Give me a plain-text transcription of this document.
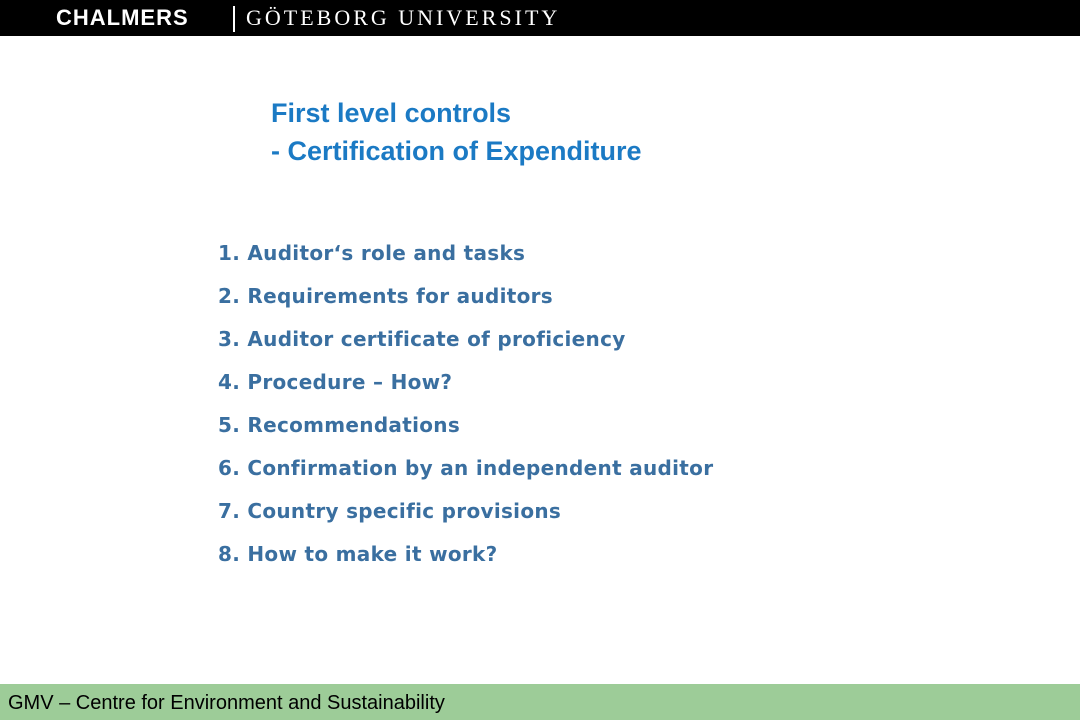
CHALMERS	GÖTEBORG UNIVERSITY
First level controls
- Certification of Expenditure
1. Auditor‘s role and tasks
2. Requirements for auditors
3. Auditor certificate of proficiency
4. Procedure – How?
5. Recommendations
6. Confirmation by an independent auditor
7. Country specific provisions
8. How to make it work?
GMV – Centre for Environment and Sustainability
